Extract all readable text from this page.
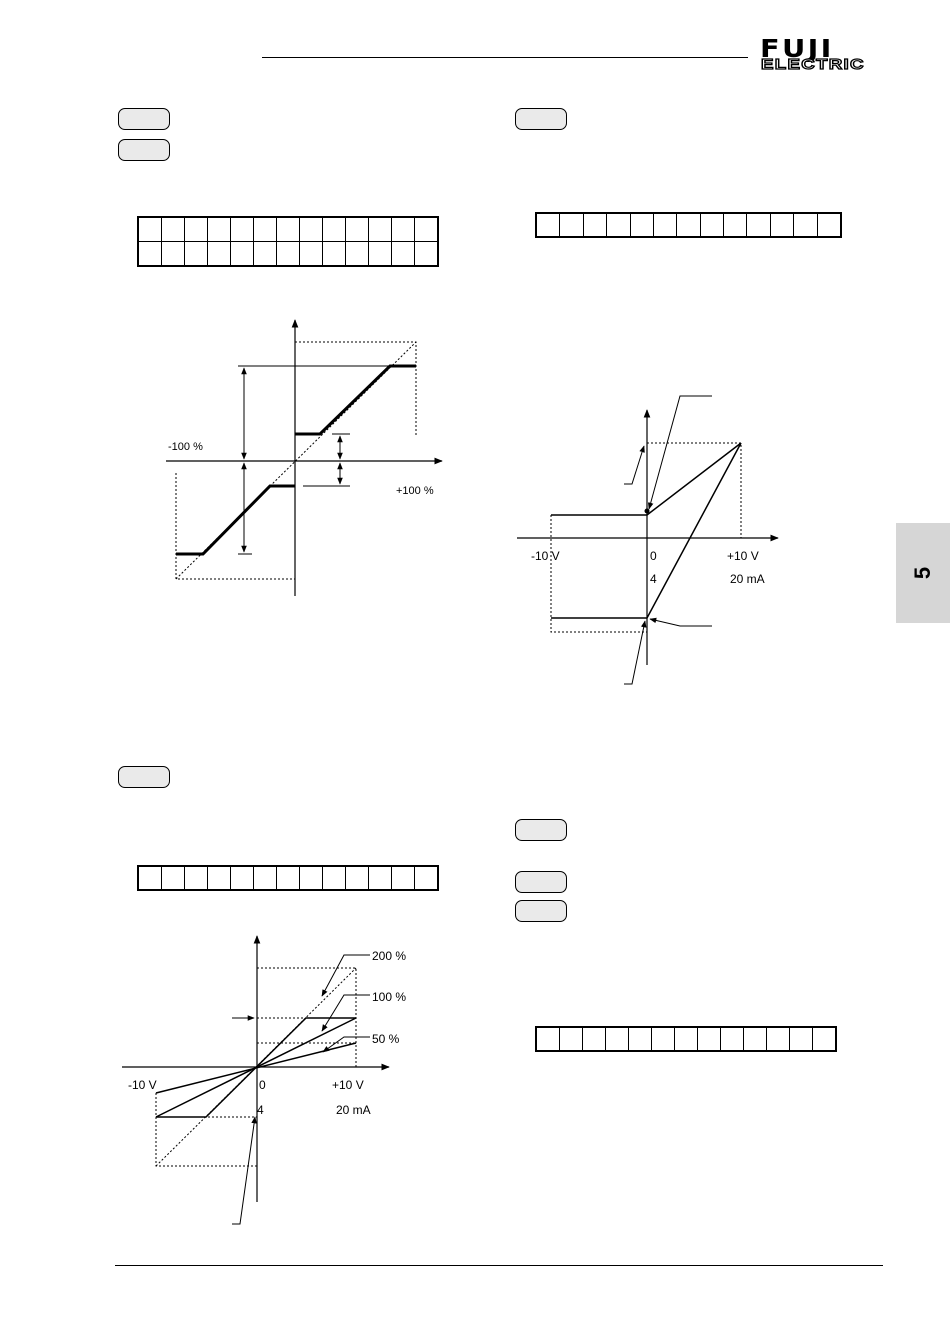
FUJI
ELECTRIC
5

-100 %
+100 %
-10 V	0	+10 V
4	20 mA
200 %
100 %
50 %
-10 V	0	+10 V
4	20 mA
